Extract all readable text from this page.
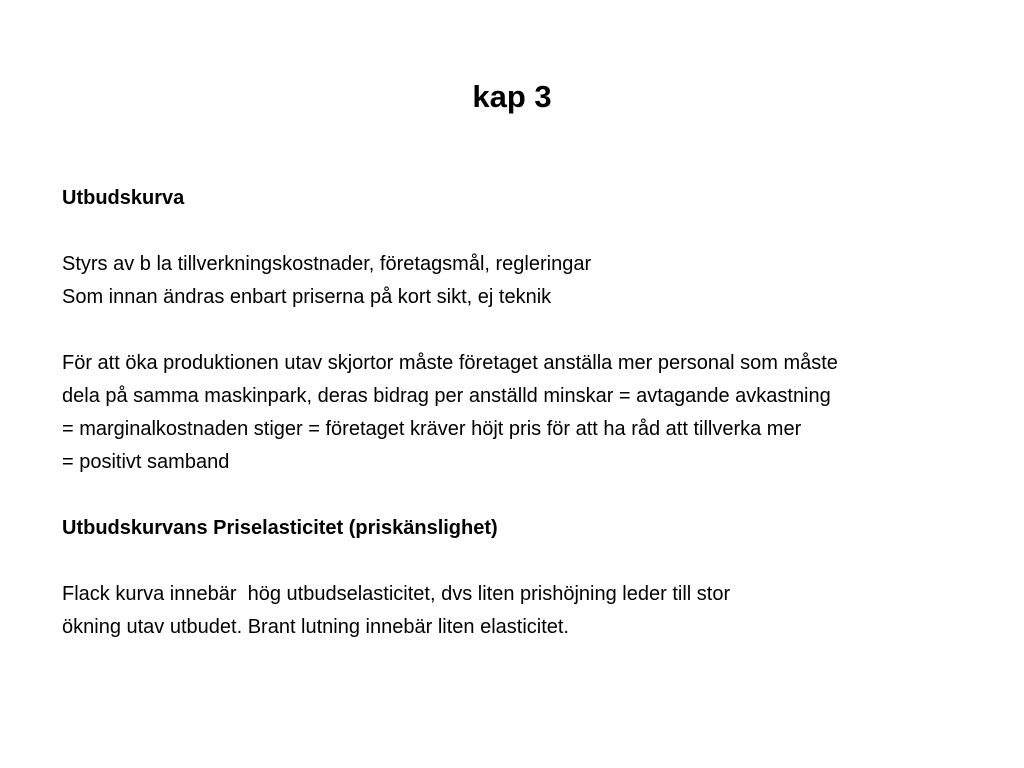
kap 3
Utbudskurva
Styrs av b la tillverkningskostnader, företagsmål, regleringar
Som innan ändras enbart priserna på kort sikt, ej teknik
För att öka produktionen utav skjortor måste företaget anställa mer personal som måste
dela på samma maskinpark, deras bidrag per anställd minskar = avtagande avkastning
= marginalkostnaden stiger = företaget kräver höjt pris för att ha råd att tillverka mer
= positivt samband
Utbudskurvans Priselasticitet (priskänslighet)
Flack kurva innebär  hög utbudselasticitet, dvs liten prishöjning leder till stor
ökning utav utbudet. Brant lutning innebär liten elasticitet.
